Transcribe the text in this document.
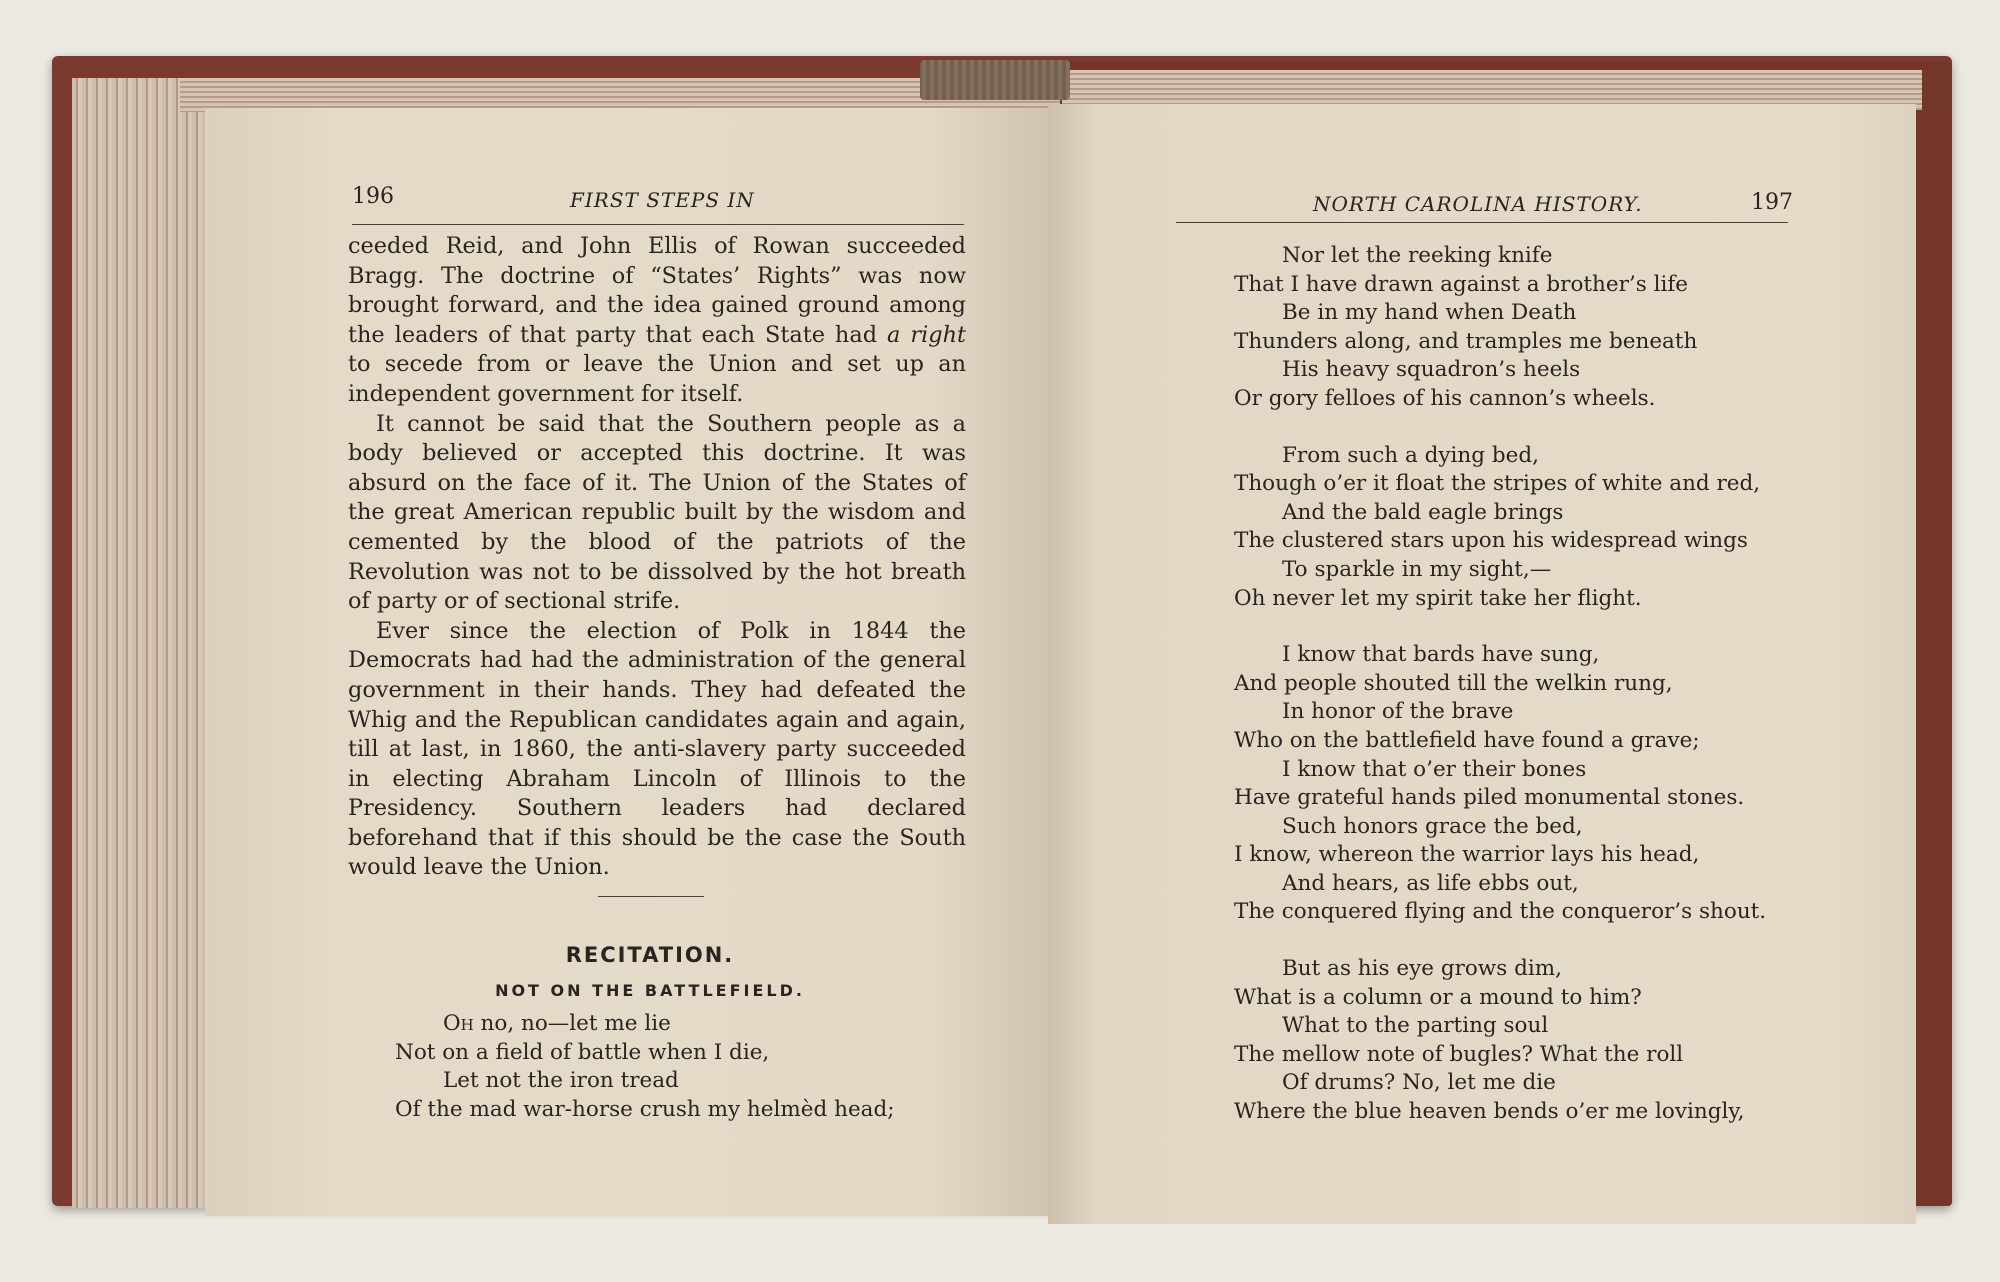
196	FIRST STEPS IN

ceeded Reid, and John Ellis of Rowan succeeded Bragg. The doctrine of “States’ Rights” was now brought forward, and the idea gained ground among the leaders of that party that each State had a right to secede from or leave the Union and set up an independent government for itself.

It cannot be said that the Southern people as a body believed or accepted this doctrine. It was absurd on the face of it. The Union of the States of the great American republic built by the wisdom and cemented by the blood of the patriots of the Revolution was not to be dissolved by the hot breath of party or of sectional strife.

Ever since the election of Polk in 1844 the Democrats had had the administration of the general government in their hands. They had defeated the Whig and the Republican candidates again and again, till at last, in 1860, the anti-slavery party succeeded in electing Abraham Lincoln of Illinois to the Presidency. Southern leaders had declared beforehand that if this should be the case the South would leave the Union.

RECITATION.
NOT ON THE BATTLEFIELD.
Oh no, no—let me lie
Not on a field of battle when I die,
Let not the iron tread
Of the mad war-horse crush my helmèd head;
NORTH CAROLINA HISTORY.	197
Nor let the reeking knife
That I have drawn against a brother’s life
Be in my hand when Death
Thunders along, and tramples me beneath
His heavy squadron’s heels
Or gory felloes of his cannon’s wheels.
From such a dying bed,
Though o’er it float the stripes of white and red,
And the bald eagle brings
The clustered stars upon his widespread wings
To sparkle in my sight,—
Oh never let my spirit take her flight.
I know that bards have sung,
And people shouted till the welkin rung,
In honor of the brave
Who on the battlefield have found a grave;
I know that o’er their bones
Have grateful hands piled monumental stones.
Such honors grace the bed,
I know, whereon the warrior lays his head,
And hears, as life ebbs out,
The conquered flying and the conqueror’s shout.
But as his eye grows dim,
What is a column or a mound to him?
What to the parting soul
The mellow note of bugles? What the roll
Of drums? No, let me die
Where the blue heaven bends o’er me lovingly,
